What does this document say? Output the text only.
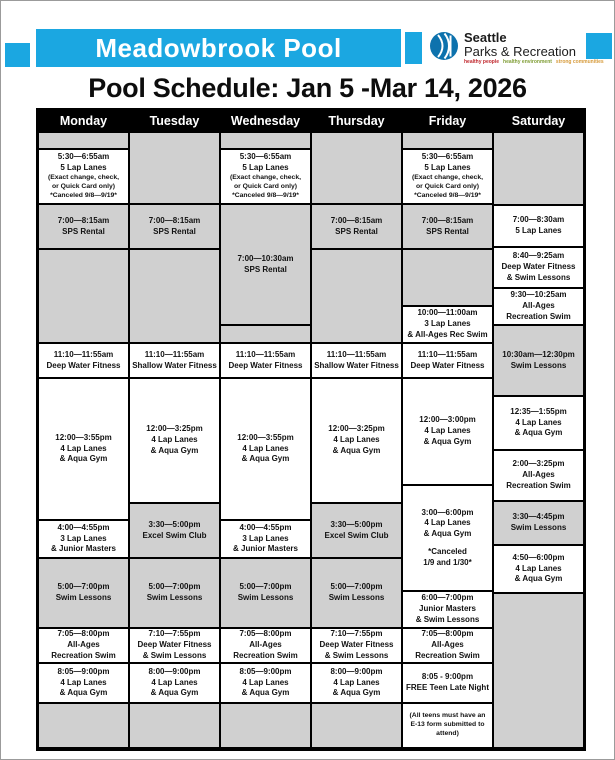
Meadowbrook Pool	Seattle
Parks & Recreation
healthy people healthy environment strong communities
Pool Schedule: Jan 5 -Mar 14, 2026
Monday
5:30—6:55am
5 Lap Lanes
(Exact change, check,
or Quick Card only)
*Canceled 9/8—9/19*
7:00—8:15am
SPS Rental
11:10—11:55am
Deep Water Fitness
12:00—3:55pm
4 Lap Lanes
& Aqua Gym
4:00—4:55pm
3 Lap Lanes
& Junior Masters
5:00—7:00pm
Swim Lessons
7:05—8:00pm
All-Ages
Recreation Swim
8:05—9:00pm
4 Lap Lanes
& Aqua Gym
Tuesday
7:00—8:15am
SPS Rental
11:10—11:55am
Shallow Water Fitness
12:00—3:25pm
4 Lap Lanes
& Aqua Gym
3:30—5:00pm
Excel Swim Club
5:00—7:00pm
Swim Lessons
7:10—7:55pm
Deep Water Fitness
& Swim Lessons
8:00—9:00pm
4 Lap Lanes
& Aqua Gym
Wednesday
5:30—6:55am
5 Lap Lanes
(Exact change, check,
or Quick Card only)
*Canceled 9/8—9/19*
7:00—10:30am
SPS Rental
11:10—11:55am
Deep Water Fitness
12:00—3:55pm
4 Lap Lanes
& Aqua Gym
4:00—4:55pm
3 Lap Lanes
& Junior Masters
5:00—7:00pm
Swim Lessons
7:05—8:00pm
All-Ages
Recreation Swim
8:05—9:00pm
4 Lap Lanes
& Aqua Gym
Thursday
7:00—8:15am
SPS Rental
11:10—11:55am
Shallow Water Fitness
12:00—3:25pm
4 Lap Lanes
& Aqua Gym
3:30—5:00pm
Excel Swim Club
5:00—7:00pm
Swim Lessons
7:10—7:55pm
Deep Water Fitness
& Swim Lessons
8:00—9:00pm
4 Lap Lanes
& Aqua Gym
Friday
5:30—6:55am
5 Lap Lanes
(Exact change, check,
or Quick Card only)
*Canceled 9/8—9/19*
7:00—8:15am
SPS Rental
10:00—11:00am
3 Lap Lanes
& All-Ages Rec Swim
11:10—11:55am
Deep Water Fitness
12:00—3:00pm
4 Lap Lanes
& Aqua Gym
3:00—6:00pm
4 Lap Lanes
& Aqua Gym
*Canceled
1/9 and 1/30*
6:00—7:00pm
Junior Masters
& Swim Lessons
7:05—8:00pm
All-Ages
Recreation Swim
8:05 - 9:00pm
FREE Teen Late Night
(All teens must have an
E-13 form submitted to
attend)
Saturday
7:00—8:30am
5 Lap Lanes
8:40—9:25am
Deep Water Fitness
& Swim Lessons
9:30—10:25am
All-Ages
Recreation Swim
10:30am—12:30pm
Swim Lessons
12:35—1:55pm
4 Lap Lanes
& Aqua Gym
2:00—3:25pm
All-Ages
Recreation Swim
3:30—4:45pm
Swim Lessons
4:50—6:00pm
4 Lap Lanes
& Aqua Gym
